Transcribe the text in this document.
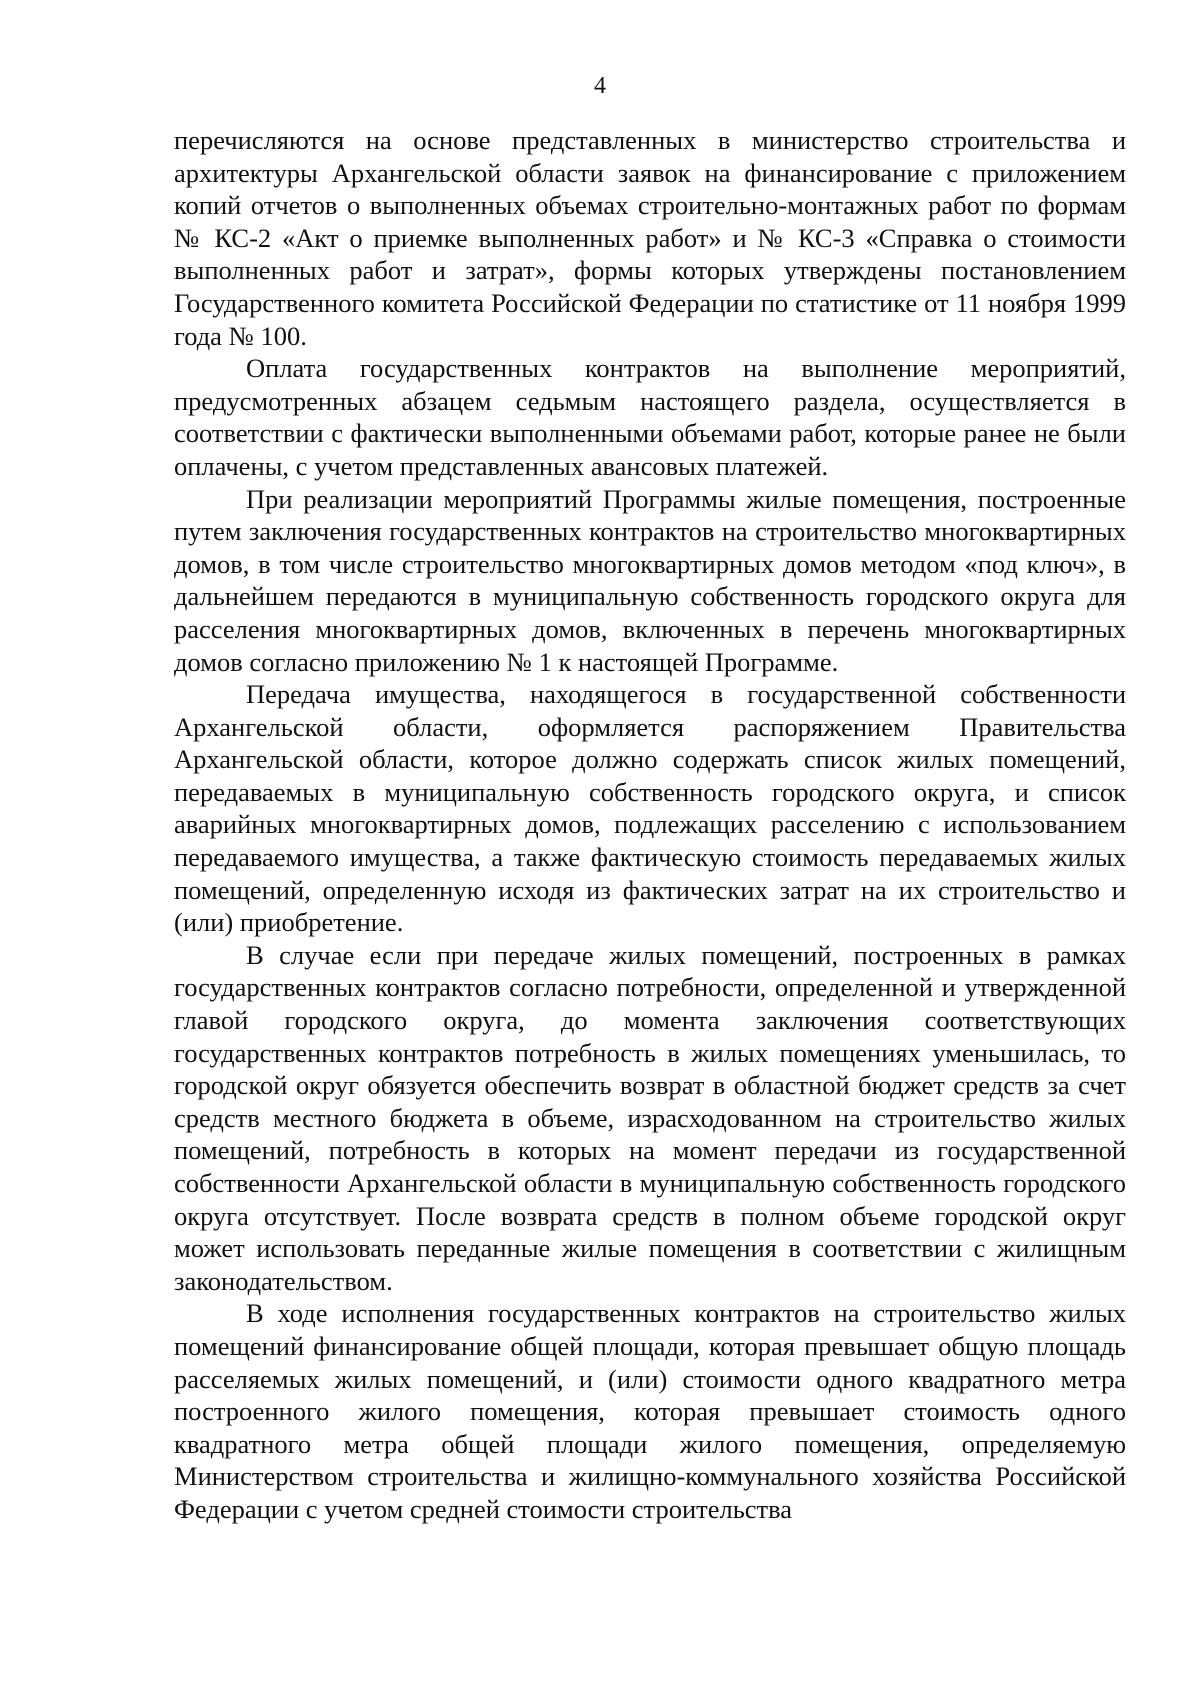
4

перечисляются на основе представленных в министерство строительства и архитектуры Архангельской области заявок на финансирование с приложением копий отчетов о выполненных объемах строительно-монтажных работ по формам № КС-2 «Акт о приемке выполненных работ» и № КС-3 «Справка о стоимости выполненных работ и затрат», формы которых утверждены постановлением Государственного комитета Российской Федерации по статистике от 11 ноября 1999 года № 100.

Оплата государственных контрактов на выполнение мероприятий, предусмотренных абзацем седьмым настоящего раздела, осуществляется в соответствии с фактически выполненными объемами работ, которые ранее не были оплачены, с учетом представленных авансовых платежей.

При реализации мероприятий Программы жилые помещения, построенные путем заключения государственных контрактов на строительство многоквартирных домов, в том числе строительство многоквартирных домов методом «под ключ», в дальнейшем передаются в муниципальную собственность городского округа для расселения многоквартирных домов, включенных в перечень многоквартирных домов согласно приложению № 1 к настоящей Программе.

Передача имущества, находящегося в государственной собственности Архангельской области, оформляется распоряжением Правительства Архангельской области, которое должно содержать список жилых помещений, передаваемых в муниципальную собственность городского округа, и список аварийных многоквартирных домов, подлежащих расселению с использованием передаваемого имущества, а также фактическую стоимость передаваемых жилых помещений, определенную исходя из фактических затрат на их строительство и (или) приобретение.

В случае если при передаче жилых помещений, построенных в рамках государственных контрактов согласно потребности, определенной и утвержденной главой городского округа, до момента заключения соответствующих государственных контрактов потребность в жилых помещениях уменьшилась, то городской округ обязуется обеспечить возврат в областной бюджет средств за счет средств местного бюджета в объеме, израсходованном на строительство жилых помещений, потребность в которых на момент передачи из государственной собственности Архангельской области в муниципальную собственность городского округа отсутствует. После возврата средств в полном объеме городской округ может использовать переданные жилые помещения в соответствии с жилищным законодательством.

В ходе исполнения государственных контрактов на строительство жилых помещений финансирование общей площади, которая превышает общую площадь расселяемых жилых помещений, и (или) стоимости одного квадратного метра построенного жилого помещения, которая превышает стоимость одного квадратного метра общей площади жилого помещения, определяемую Министерством строительства и жилищно-коммунального хозяйства Российской Федерации с учетом средней стоимости строительства
